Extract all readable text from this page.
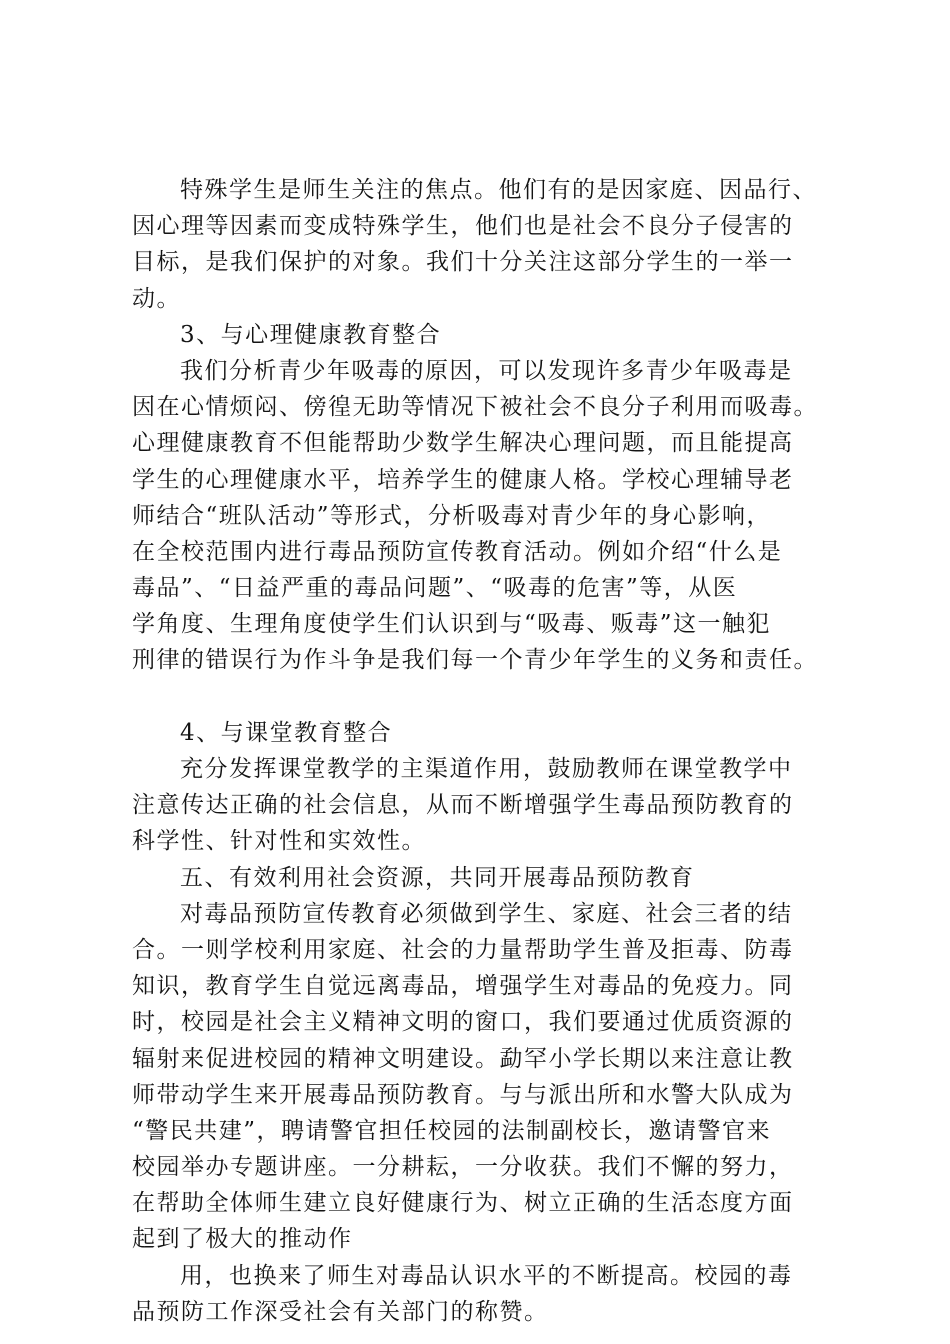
特殊学生是师生关注的焦点。他们有的是因家庭、因品行、
因心理等因素而变成特殊学生，他们也是社会不良分子侵害的
目标，是我们保护的对象。我们十分关注这部分学生的一举一
动。
3、与心理健康教育整合
我们分析青少年吸毒的原因，可以发现许多青少年吸毒是
因在心情烦闷、傍徨无助等情况下被社会不良分子利用而吸毒。
心理健康教育不但能帮助少数学生解决心理问题，而且能提高
学生的心理健康水平，培养学生的健康人格。学校心理辅导老
师结合“班队活动”等形式，分析吸毒对青少年的身心影响，
在全校范围内进行毒品预防宣传教育活动。例如介绍“什么是
毒品”、“日益严重的毒品问题”、“吸毒的危害”等，从医
学角度、生理角度使学生们认识到与“吸毒、贩毒”这一触犯
刑律的错误行为作斗争是我们每一个青少年学生的义务和责任。
4、与课堂教育整合
充分发挥课堂教学的主渠道作用，鼓励教师在课堂教学中
注意传达正确的社会信息，从而不断增强学生毒品预防教育的
科学性、针对性和实效性。
五、有效利用社会资源，共同开展毒品预防教育
对毒品预防宣传教育必须做到学生、家庭、社会三者的结
合。一则学校利用家庭、社会的力量帮助学生普及拒毒、防毒
知识，教育学生自觉远离毒品，增强学生对毒品的免疫力。同
时，校园是社会主义精神文明的窗口，我们要通过优质资源的
辐射来促进校园的精神文明建设。勐罕小学长期以来注意让教
师带动学生来开展毒品预防教育。与与派出所和水警大队成为
“警民共建”，聘请警官担任校园的法制副校长，邀请警官来
校园举办专题讲座。一分耕耘，一分收获。我们不懈的努力，
在帮助全体师生建立良好健康行为、树立正确的生活态度方面
起到了极大的推动作
用，也换来了师生对毒品认识水平的不断提高。校园的毒
品预防工作深受社会有关部门的称赞。
